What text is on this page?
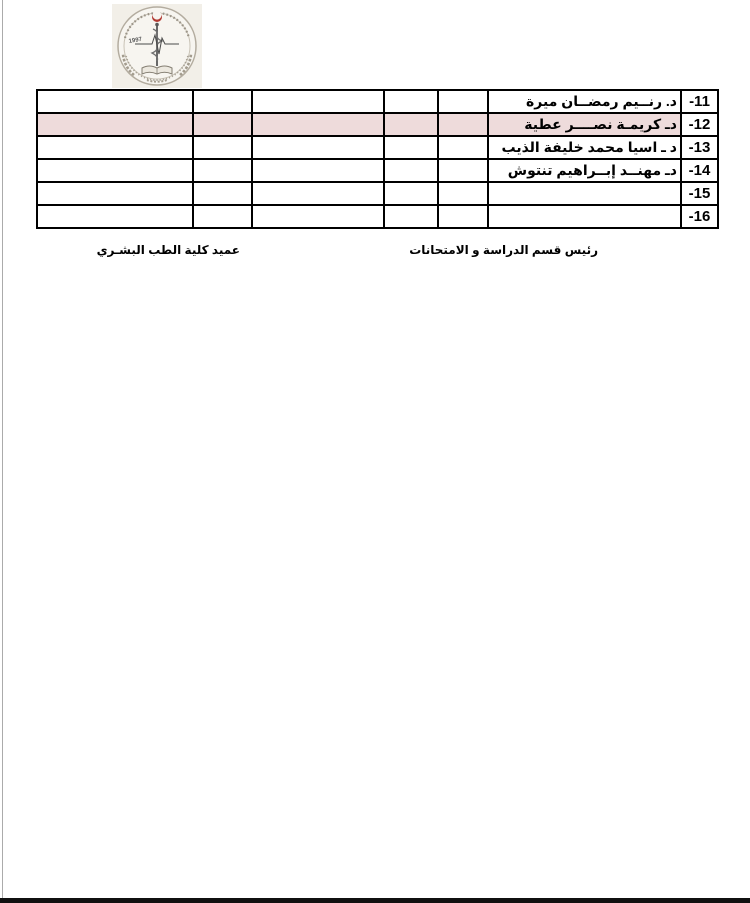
1997
-11	د. رنــيم رمضــان ميرة					
-12	دـ كريمـة نصــــر عطية					
-13	د ـ اسيا محمد خليفة الذيب					
-14	دـ مهنــد إبــراهيم تنتوش					
-15						
-16						
رئيس قسم الدراسة و الامتحانات
عميد كلية الطب البشـري
